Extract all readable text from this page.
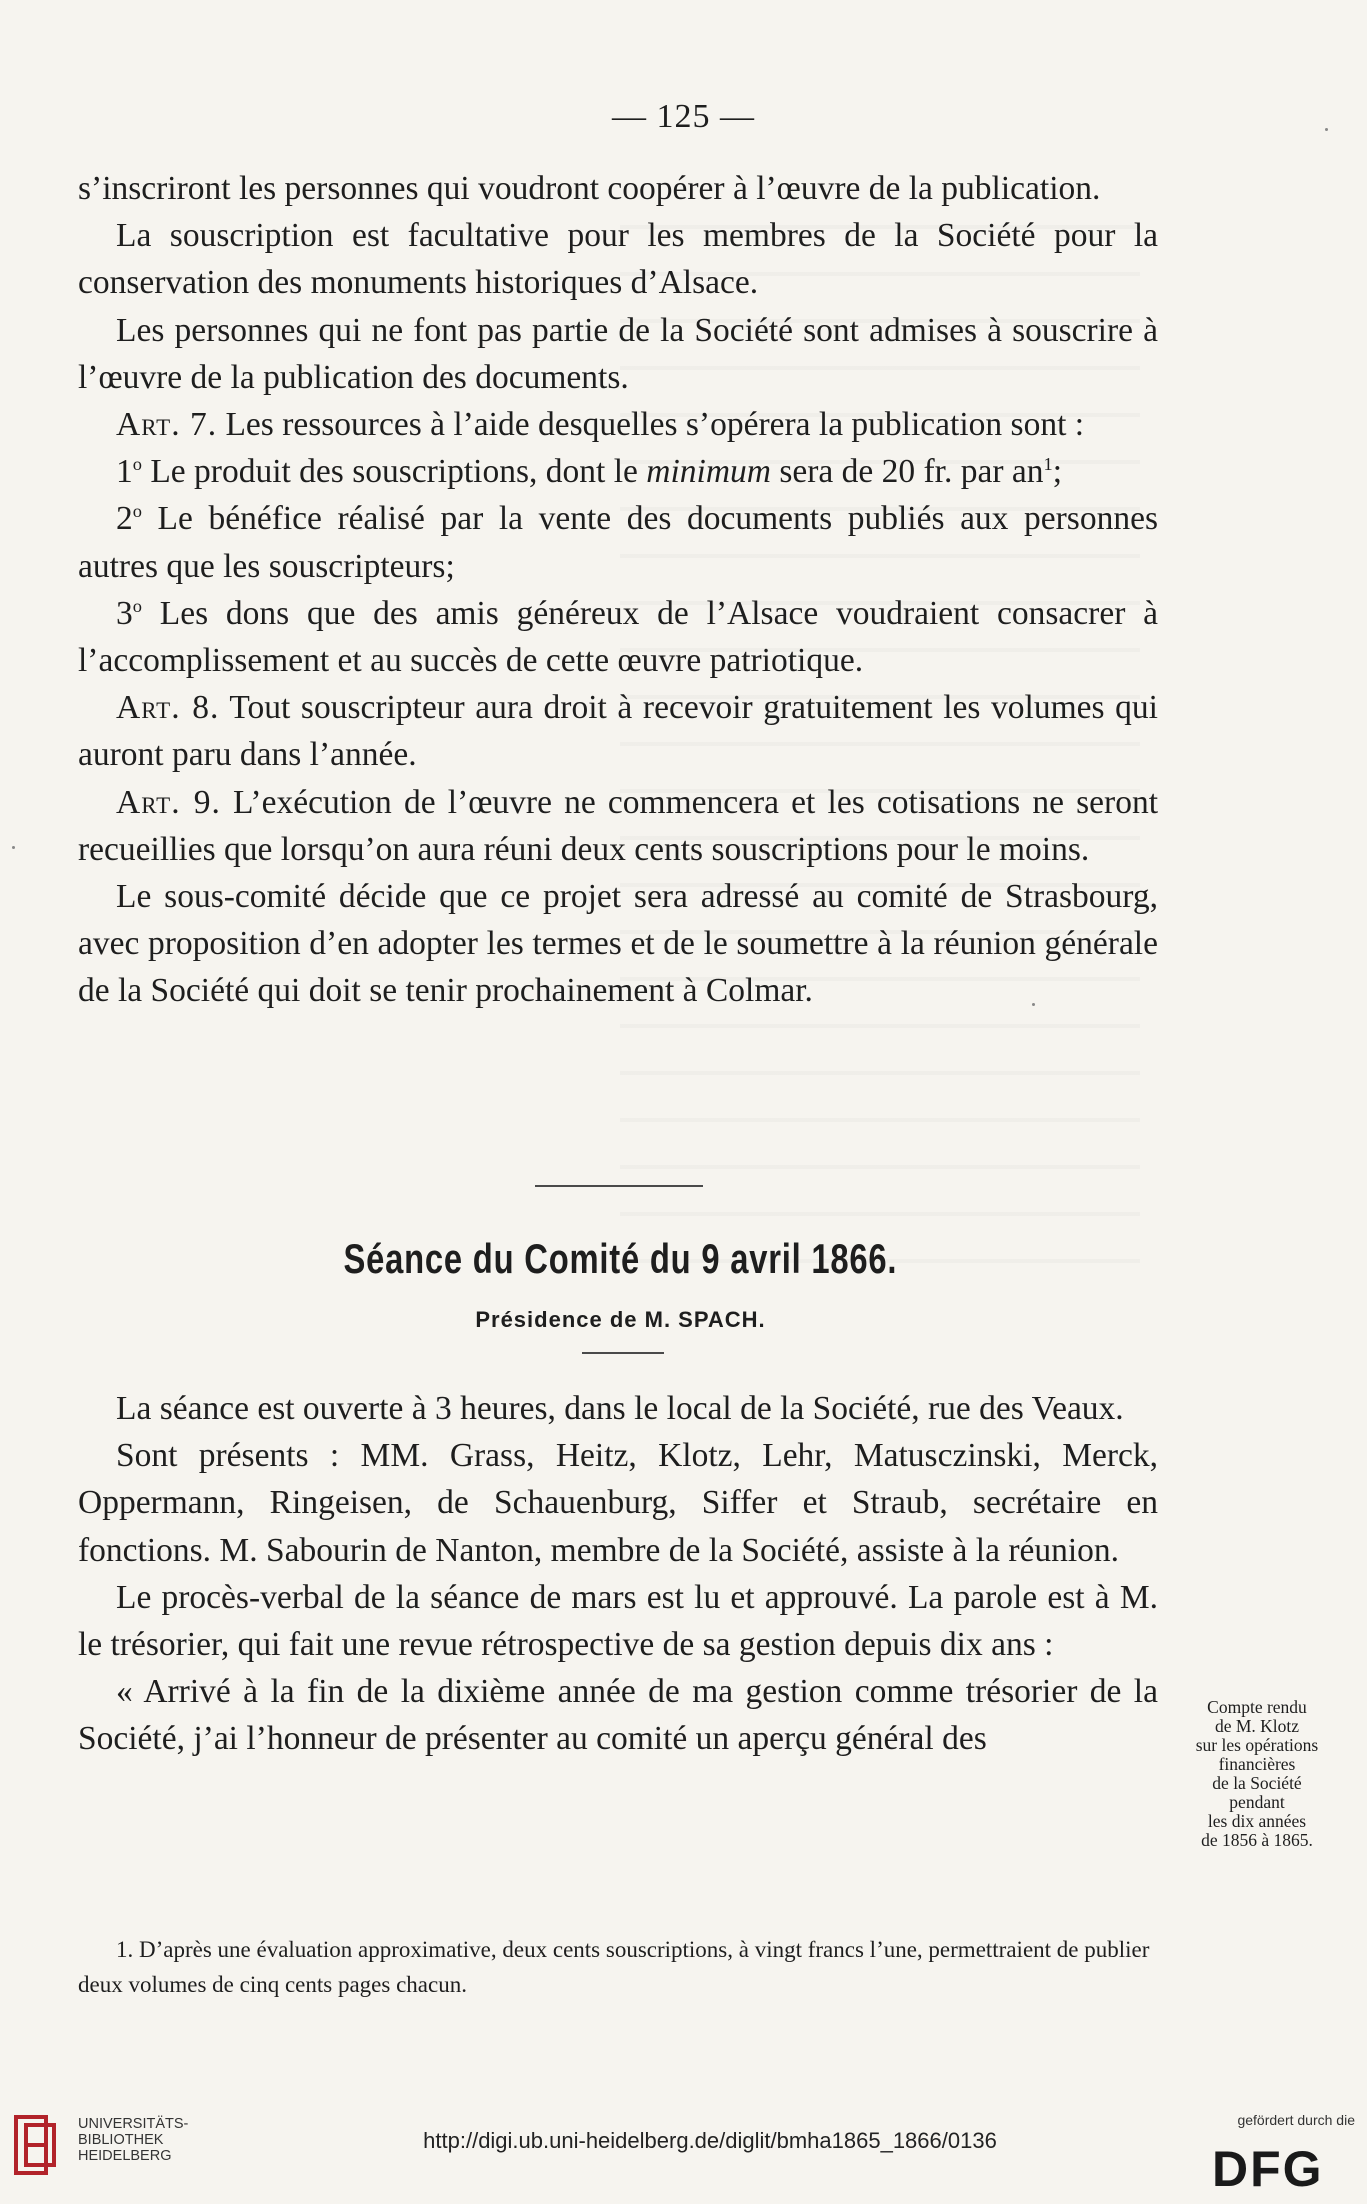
— 125 —

s’inscriront les personnes qui voudront coopérer à l’œuvre de la publication.

La souscription est facultative pour les membres de la Société pour la conservation des monuments historiques d’Alsace.

Les personnes qui ne font pas partie de la Société sont admises à souscrire à l’œuvre de la publication des documents.

Art. 7. Les ressources à l’aide desquelles s’opérera la publication sont :

1$^o$ Le produit des souscriptions, dont le minimum sera de 20 fr. par $an^1$;

2$^o$ Le bénéfice réalisé par la vente des documents publiés aux personnes autres que les souscripteurs;

3$^o$ Les dons que des amis généreux de l’Alsace voudraient consacrer à l’accomplissement et au succès de cette œuvre patriotique.

Art. 8. Tout souscripteur aura droit à recevoir gratuitement les volumes qui auront paru dans l’année.

Art. 9. L’exécution de l’œuvre ne commencera et les cotisations ne seront recueillies que lorsqu’on aura réuni deux cents souscriptions pour le moins.

Le sous-comité décide que ce projet sera adressé au comité de Strasbourg, avec proposition d’en adopter les termes et de le soumettre à la réunion générale de la Société qui doit se tenir prochainement à Colmar.

Séance du Comité du 9 avril 1866.
Présidence de M. SPACH.

La séance est ouverte à 3 heures, dans le local de la Société, rue des Veaux.

Sont présents : MM. Grass, Heitz, Klotz, Lehr, Matusczinski, Merck, Oppermann, Ringeisen, de Schauenburg, Siffer et Straub, secrétaire en fonctions. M. Sabourin de Nanton, membre de la Société, assiste à la réunion.

Le procès-verbal de la séance de mars est lu et approuvé. La parole est à M. le trésorier, qui fait une revue rétrospective de sa gestion depuis dix ans :

« Arrivé à la fin de la dixième année de ma gestion comme trésorier de la Société, j’ai l’honneur de présenter au comité un aperçu général des

Compte rendu
de M. Klotz
sur les opérations
financières
de la Société
pendant
les dix années
de 1856 à 1865.

1. D’après une évaluation approximative, deux cents souscriptions, à vingt francs l’une, permettraient de publier deux volumes de cinq cents pages chacun.

UNIVERSITÄTS-
BIBLIOTHEK
HEIDELBERG
http://digi.ub.uni-heidelberg.de/diglit/bmha1865_1866/0136
gefördert durch die
DFG
